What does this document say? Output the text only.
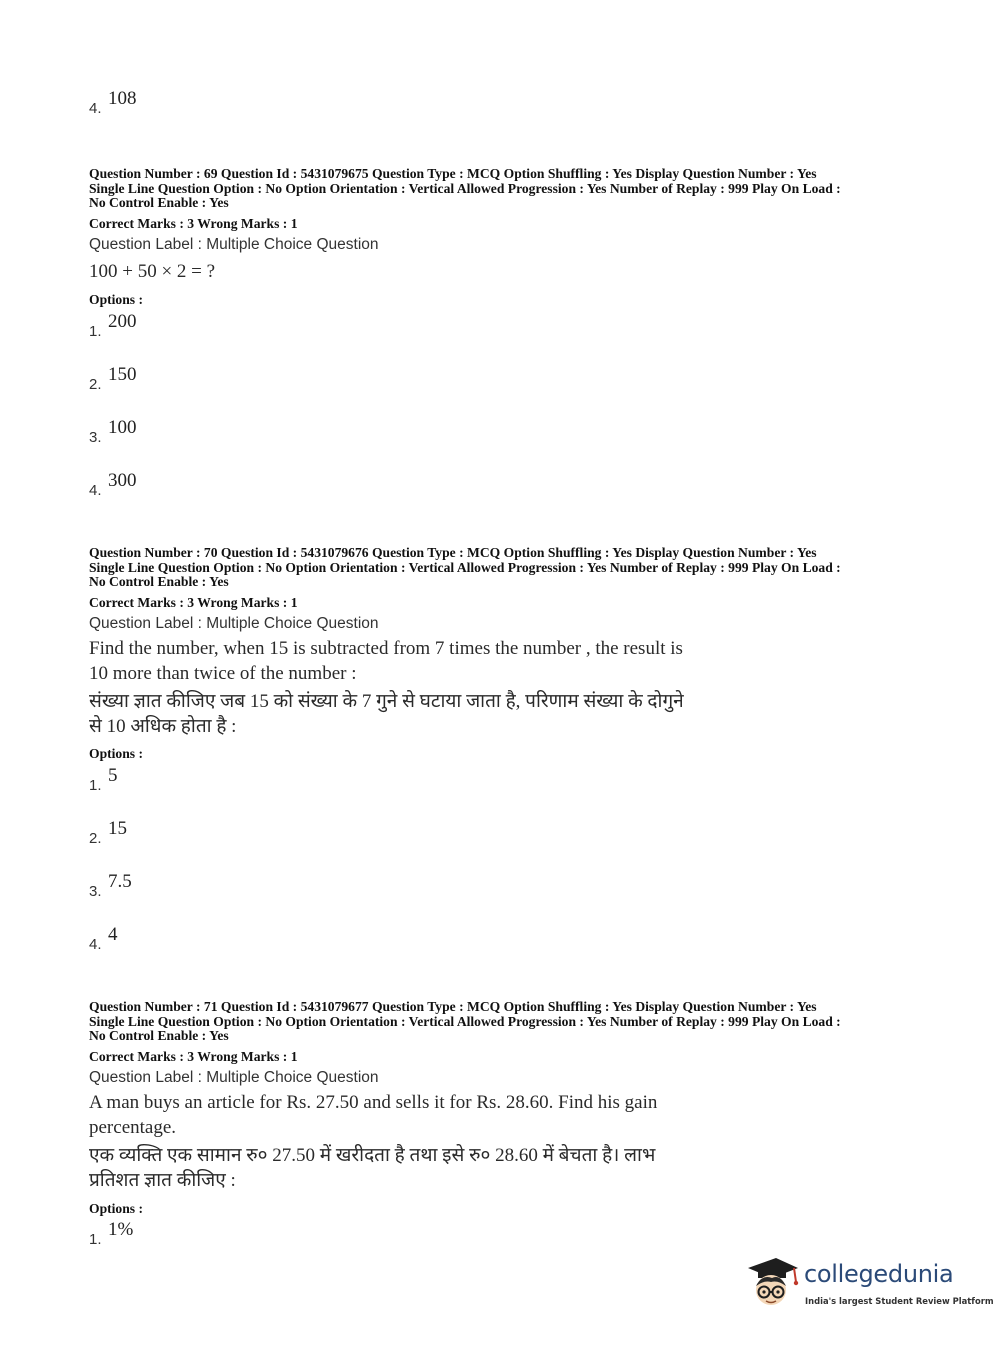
4. 108
Question Number : 69 Question Id : 5431079675 Question Type : MCQ Option Shuffling : Yes Display Question Number : Yes
Single Line Question Option : No Option Orientation : Vertical Allowed Progression : Yes Number of Replay : 999 Play On Load :
No Control Enable : Yes
Correct Marks : 3 Wrong Marks : 1
Question Label : Multiple Choice Question
100 + 50 × 2 = ?
Options :
1. 200
2. 150
3. 100
4. 300
Question Number : 70 Question Id : 5431079676 Question Type : MCQ Option Shuffling : Yes Display Question Number : Yes
Single Line Question Option : No Option Orientation : Vertical Allowed Progression : Yes Number of Replay : 999 Play On Load :
No Control Enable : Yes
Correct Marks : 3 Wrong Marks : 1
Question Label : Multiple Choice Question
Find the number, when 15 is subtracted from 7 times the number , the result is
10 more than twice of the number :
संख्या ज्ञात कीजिए जब 15 को संख्या के 7 गुने से घटाया जाता है, परिणाम संख्या के दोगुने
से 10 अधिक होता है :
Options :
1. 5
2. 15
3. 7.5
4. 4
Question Number : 71 Question Id : 5431079677 Question Type : MCQ Option Shuffling : Yes Display Question Number : Yes
Single Line Question Option : No Option Orientation : Vertical Allowed Progression : Yes Number of Replay : 999 Play On Load :
No Control Enable : Yes
Correct Marks : 3 Wrong Marks : 1
Question Label : Multiple Choice Question
A man buys an article for Rs. 27.50 and sells it for Rs. 28.60. Find his gain
percentage.
एक व्यक्ति एक सामान रु० 27.50 में खरीदता है तथा इसे रु० 28.60 में बेचता है। लाभ
प्रतिशत ज्ञात कीजिए :
Options :
1. 1%
collegedunia
India's largest Student Review Platform
